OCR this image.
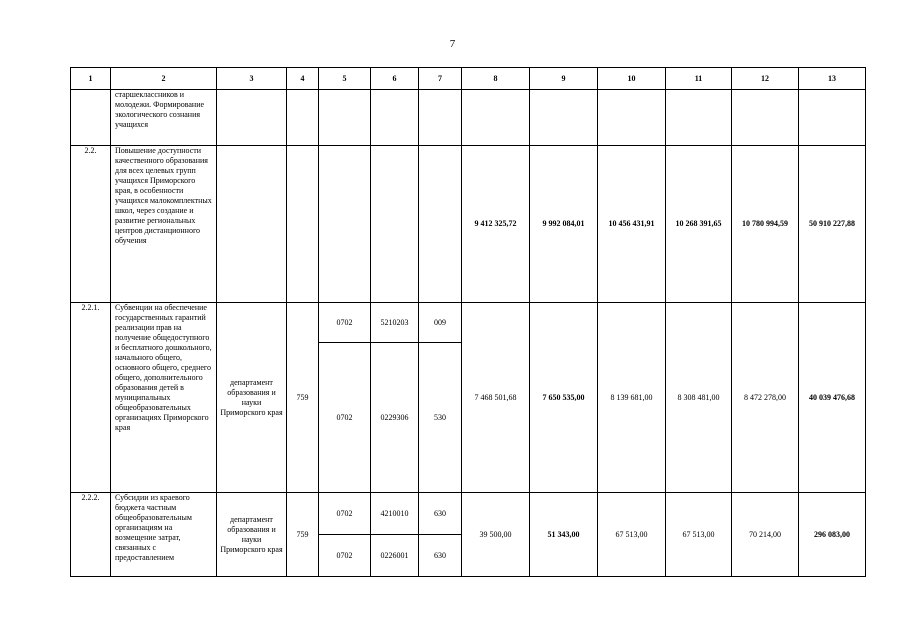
7
1	2	3	4	5	6	7	8	9	10	11	12	13
	старшеклассников и молодежи. Формирование экологического сознания учащихся											
2.2.	Повышение доступности качественного образования для всех целевых групп учащихся Приморского края, в особенности учащихся малокомплектных школ, через создание и развитие региональных центров дистанционного обучения						9 412 325,72	9 992 084,01	10 456 431,91	10 268 391,65	10 780 994,59	50 910 227,88
2.2.1.	Субвенции на обеспечение государственных гарантий реализации прав на получение общедоступного и бесплатного дошкольного, начального общего, основного общего, среднего общего, дополнительного образования детей в муниципальных общеобразовательных организациях Приморского края	департамент образования и науки Приморского края	759	0702	5210203	009	7 468 501,68	7 650 535,00	8 139 681,00	8 308 481,00	8 472 278,00	40 039 476,68
				0702	0229306	530						
2.2.2.	Субсидии из краевого бюджета частным общеобразовательным организациям на возмещение затрат, связанных с предоставлением	департамент образования и науки Приморского края	759	0702	4210010	630	39 500,00	51 343,00	67 513,00	67 513,00	70 214,00	296 083,00
				0702	0226001	630						
